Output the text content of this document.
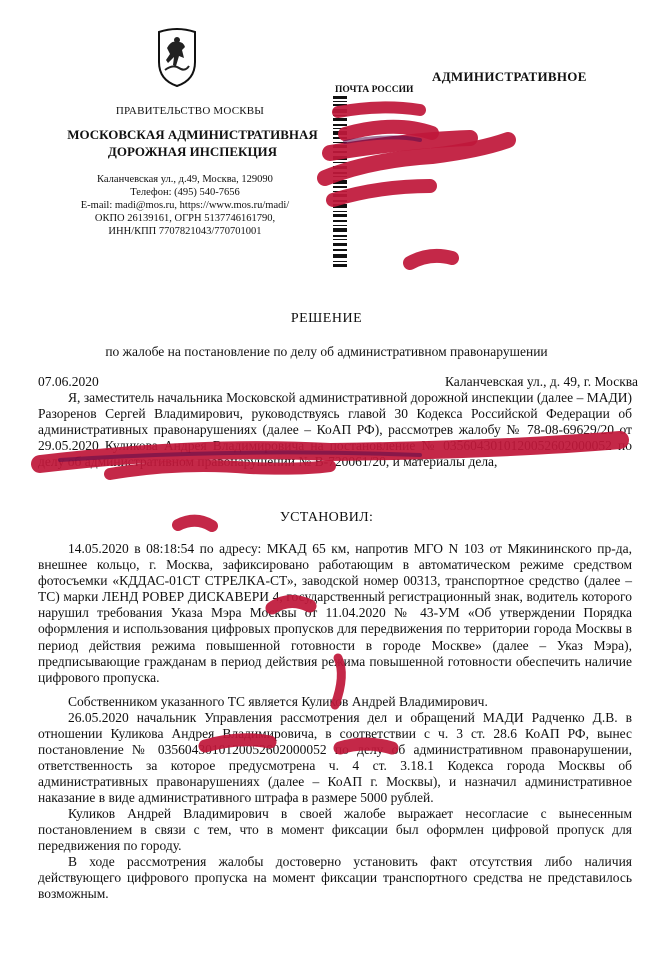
ПРАВИТЕЛЬСТВО МОСКВЫ
МОСКОВСКАЯ АДМИНИСТРАТИВНАЯ
ДОРОЖНАЯ ИНСПЕКЦИЯ
Каланчевская ул., д.49, Москва, 129090
Телефон: (495) 540-7656
E-mail: madi@mos.ru, https://www.mos.ru/madi/
ОКПО 26139161, ОГРН 5137746161790,
ИНН/КПП 7707821043/770701001
АДМИНИСТРАТИВНОЕ
ПОЧТА РОССИИ
РЕШЕНИЕ
по жалобе на постановление по делу об административном правонарушении
07.06.2020	Каланчевская ул., д. 49, г. Москва
Я, заместитель начальника Московской административной дорожной инспекции (далее – МАДИ) Разоренов Сергей Владимирович, руководствуясь главой 30 Кодекса Российской Федерации об административных правонарушениях (далее – КоАП РФ), рассмотрев жалобу № 78-08-69629/20 от 29.05.2020 Куликова Андрея Владимировича на постановление № 0356043010120052602000052 по делу об административном правонарушении № В-720061/20, и материалы дела,
УСТАНОВИЛ:
14.05.2020 в 08:18:54 по адресу: МКАД 65 км, напротив МГО N 103 от Мякининского пр-да, внешнее кольцо, г. Москва, зафиксировано работающим в автоматическом режиме средством фотосъемки «КДДАС-01СТ СТРЕЛКА-СТ», заводской номер 00313, транспортное средство (далее – ТС) марки ЛЕНД РОВЕР ДИСКАВЕРИ 4, государственный регистрационный знак, водитель которого нарушил требования Указа Мэра Москвы от 11.04.2020 № 43-УМ «Об утверждении Порядка оформления и использования цифровых пропусков для передвижения по территории города Москвы в период действия режима повышенной готовности в городе Москве» (далее – Указ Мэра), предписывающие гражданам в период действия режима повышенной готовности обеспечить наличие цифрового пропуска.
Собственником указанного ТС является Куликов Андрей Владимирович.
26.05.2020 начальник Управления рассмотрения дел и обращений МАДИ Радченко Д.В. в отношении Куликова Андрея Владимировича, в соответствии с ч. 3 ст. 28.6 КоАП РФ, вынес постановление № 0356043010120052602000052 по делу об административном правонарушении, ответственность за которое предусмотрена ч. 4 ст. 3.18.1 Кодекса города Москвы об административных правонарушениях (далее – КоАП г. Москвы), и назначил административное наказание в виде административного штрафа в размере 5000 рублей.
Куликов Андрей Владимирович в своей жалобе выражает несогласие с вынесенным постановлением в связи с тем, что в момент фиксации был оформлен цифровой пропуск для передвижения по городу.
В ходе рассмотрения жалобы достоверно установить факт отсутствия либо наличия действующего цифрового пропуска на момент фиксации транспортного средства не представилось возможным.
